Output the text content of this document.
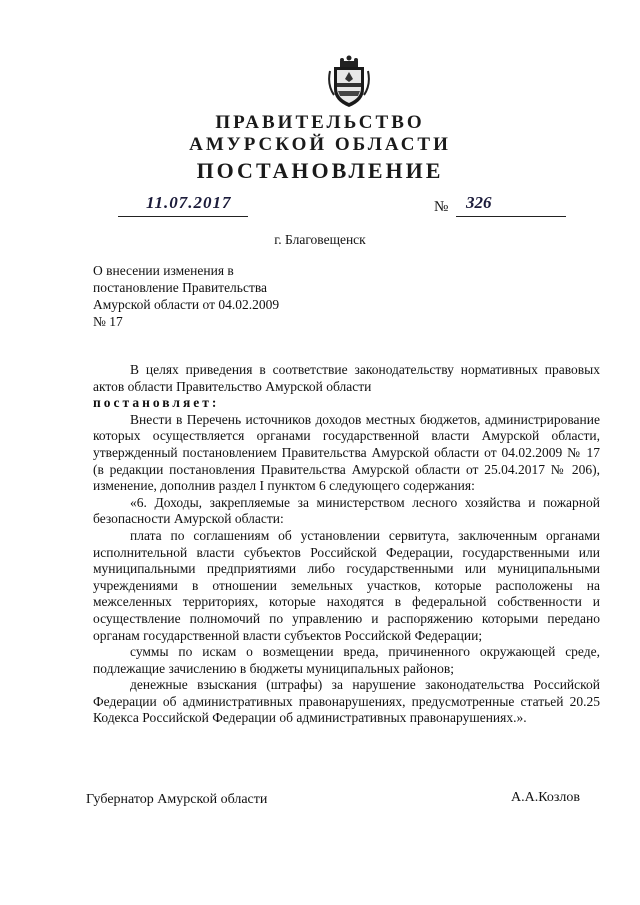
ПРАВИТЕЛЬСТВО
АМУРСКОЙ ОБЛАСТИ
ПОСТАНОВЛЕНИЕ
11.07.2017	№ 326
г. Благовещенск
О внесении изменения в
постановление Правительства
Амурской области от 04.02.2009
№ 17

В целях приведения в соответствие законодательству нормативных правовых актов области Правительство Амурской области

постановляет:

Внести в Перечень источников доходов местных бюджетов, администрирование которых осуществляется органами государственной власти Амурской области, утвержденный постановлением Правительства Амурской области от 04.02.2009 № 17 (в редакции постановления Правительства Амурской области от 25.04.2017 № 206), изменение, дополнив раздел I пунктом 6 следующего содержания:

«6. Доходы, закрепляемые за министерством лесного хозяйства и пожарной безопасности Амурской области:

плата по соглашениям об установлении сервитута, заключенным органами исполнительной власти субъектов Российской Федерации, государственными или муниципальными предприятиями либо государственными или муниципальными учреждениями в отношении земельных участков, которые расположены на межселенных территориях, которые находятся в федеральной собственности и осуществление полномочий по управлению и распоряжению которыми передано органам государственной власти субъектов Российской Федерации;

суммы по искам о возмещении вреда, причиненного окружающей среде, подлежащие зачислению в бюджеты муниципальных районов;

денежные взыскания (штрафы) за нарушение законодательства Российской Федерации об административных правонарушениях, предусмотренные статьей 20.25 Кодекса Российской Федерации об административных правонарушениях.».

Губернатор Амурской области	А.А.Козлов
